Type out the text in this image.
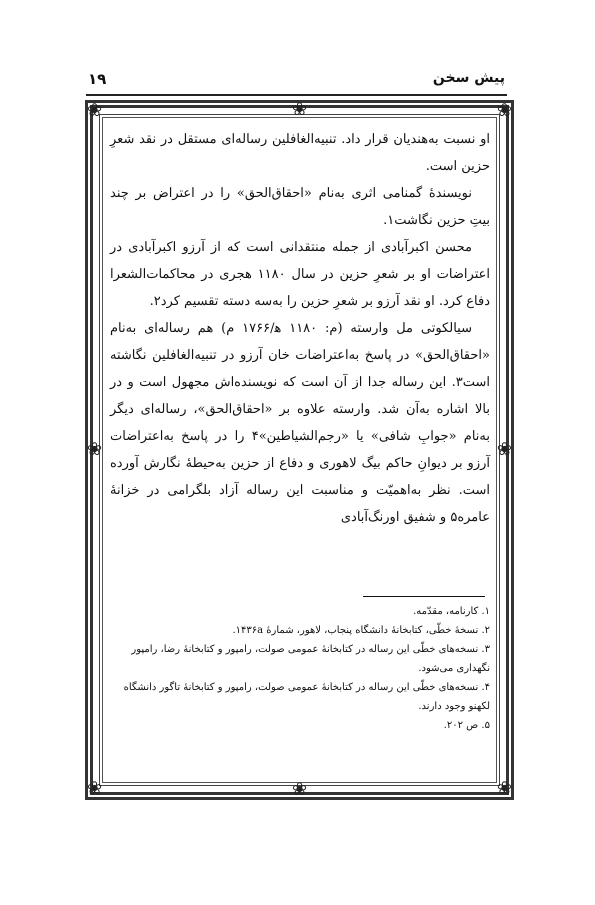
پیش سخن
۱۹
❀	❀
❀	❀
❀
❀
❀	❀

او نسبت به‌هندیان قرار داد. تنبیه‌الغافلین رساله‌ای مستقل در نقد شعرِ حزین است.

نویسندهٔ گمنامی اثری به‌نام «احقاق‌الحق» را در اعتراض بر چند بیتِ حزین نگاشت۱.

محسن اکبرآبادی از جمله منتقدانی است که از آرزو اکبرآبادی در اعتراضات او بر شعرِ حزین در سال ۱۱۸۰ هجری در محاکمات‌الشعرا دفاع کرد. او نقد آرزو بر شعرِ حزین را به‌سه دسته تقسیم کرد۲.

سیالکوتی مل وارسته (م: ۱۱۸۰ ه‍/۱۷۶۶ م) هم رساله‌ای به‌نام «احقاق‌الحق» در پاسخ به‌اعتراضات خان آرزو در تنبیه‌الغافلین نگاشته است۳. این رساله جدا از آن است که نویسنده‌اش مجهول است و در بالا اشاره به‌آن شد. وارسته علاوه بر «احقاق‌الحق»، رساله‌ای دیگر به‌نام «جوابِ شافی» یا «رجم‌الشیاطین»۴ را در پاسخ به‌اعتراضات آرزو بر دیوانِ حاکم بیگ لاهوری و دفاع از حزین به‌حیطهٔ نگارش آورده است. نظر به‌اهمیّت و مناسبت این رساله آزاد بلگرامی در خزانهٔ عامره۵ و شفیق اورنگ‌آبادی

۱. کارنامه، مقدّمه.

۲. نسخهٔ خطّی، کتابخانهٔ دانشگاه پنجاب، لاهور، شمارهٔ ۱۴۳۶a.

۳. نسخه‌های خطّی این رساله در کتابخانهٔ عمومی صولت، رامپور و کتابخانهٔ رضا، رامپور نگهداری می‌شود.

۴. نسخه‌های خطّی این رساله در کتابخانهٔ عمومی صولت، رامپور و کتابخانهٔ تاگور دانشگاه لکهنو وجود دارند.

۵. ص ۲۰۲.
